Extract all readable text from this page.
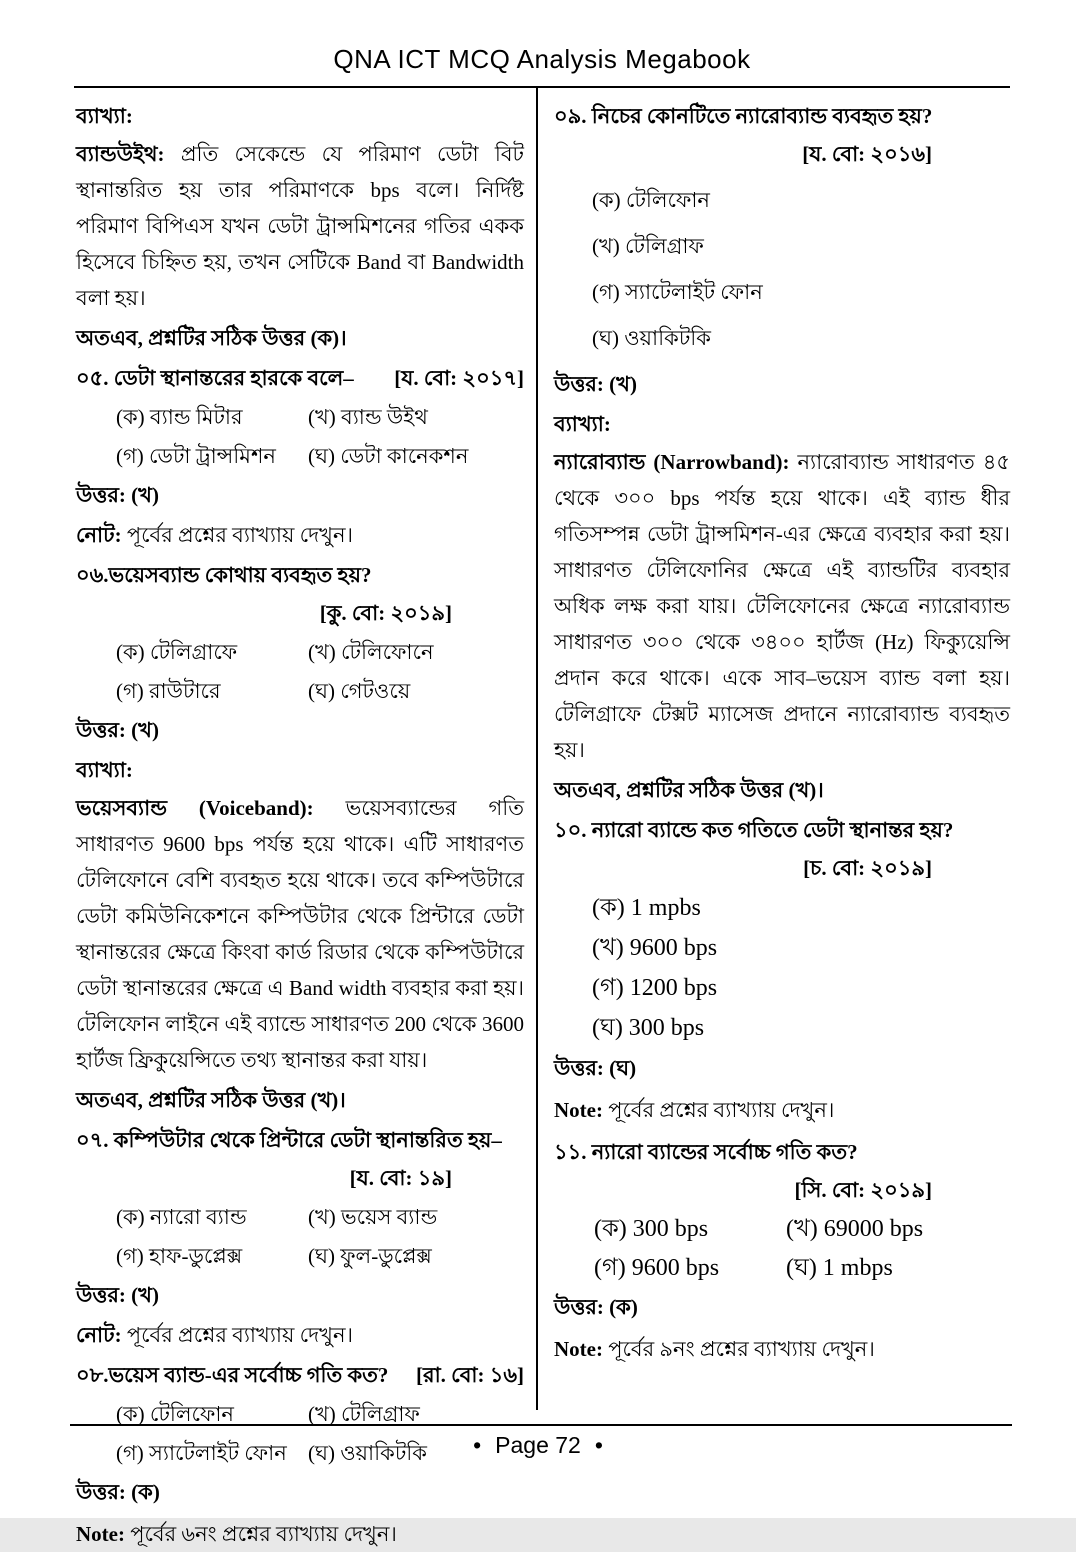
QNA ICT MCQ Analysis Megabook
ব্যাখ্যা:
ব্যান্ডউইথ: প্রতি সেকেন্ডে যে পরিমাণ ডেটা বিট স্থানান্তরিত হয় তার পরিমাণকে bps বলে। নির্দিষ্ট পরিমাণ বিপিএস যখন ডেটা ট্রান্সমিশনের গতির একক হিসেবে চিহ্নিত হয়, তখন সেটিকে Band বা Bandwidth বলা হয়।
অতএব, প্রশ্নটির সঠিক উত্তর (ক)।
০৫. ডেটা স্থানান্তরের হারকে বলে– [য. বো: ২০১৭]
(ক) ব্যান্ড মিটার	(খ) ব্যান্ড উইথ
(গ) ডেটা ট্রান্সমিশন	(ঘ) ডেটা কানেকশন
উত্তর: (খ)
নোট: পূর্বের প্রশ্নের ব্যাখ্যায় দেখুন।
০৬.ভয়েসব্যান্ড কোথায় ব্যবহৃত হয়?
[কু. বো: ২০১৯]
(ক) টেলিগ্রাফে	(খ) টেলিফোনে
(গ) রাউটারে	(ঘ) গেটওয়ে
উত্তর: (খ)
ব্যাখ্যা:
ভয়েসব্যান্ড (Voiceband): ভয়েসব্যান্ডের গতি সাধারণত 9600 bps পর্যন্ত হয়ে থাকে। এটি সাধারণত টেলিফোনে বেশি ব্যবহৃত হয়ে থাকে। তবে কম্পিউটারে ডেটা কমিউনিকেশনে কম্পিউটার থেকে প্রিন্টারে ডেটা স্থানান্তরের ক্ষেত্রে কিংবা কার্ড রিডার থেকে কম্পিউটারে ডেটা স্থানান্তরের ক্ষেত্রে এ Band width ব্যবহার করা হয়। টেলিফোন লাইনে এই ব্যান্ডে সাধারণত 200 থেকে 3600 হার্টজ ফ্রিকুয়েন্সিতে তথ্য স্থানান্তর করা যায়।
অতএব, প্রশ্নটির সঠিক উত্তর (খ)।
০৭. কম্পিউটার থেকে প্রিন্টারে ডেটা স্থানান্তরিত হয়–
[য. বো: ১৯]
(ক) ন্যারো ব্যান্ড	(খ) ভয়েস ব্যান্ড
(গ) হাফ-ডুপ্লেক্স	(ঘ) ফুল-ডুপ্লেক্স
উত্তর: (খ)
নোট: পূর্বের প্রশ্নের ব্যাখ্যায় দেখুন।
০৮.ভয়েস ব্যান্ড-এর সর্বোচ্চ গতি কত? [রা. বো: ১৬]
(ক) টেলিফোন	(খ) টেলিগ্রাফ
(গ) স্যাটেলাইট ফোন	(ঘ) ওয়াকিটকি
উত্তর: (ক)
Note: পূর্বের ৬নং প্রশ্নের ব্যাখ্যায় দেখুন।
০৯. নিচের কোনটিতে ন্যারোব্যান্ড ব্যবহৃত হয়?
[য. বো: ২০১৬]
(ক) টেলিফোন
(খ) টেলিগ্রাফ
(গ) স্যাটেলাইট ফোন
(ঘ) ওয়াকিটকি
উত্তর: (খ)
ব্যাখ্যা:
ন্যারোব্যান্ড (Narrowband): ন্যারোব্যান্ড সাধারণত ৪৫ থেকে ৩০০ bps পর্যন্ত হয়ে থাকে। এই ব্যান্ড ধীর গতিসম্পন্ন ডেটা ট্রান্সমিশন-এর ক্ষেত্রে ব্যবহার করা হয়। সাধারণত টেলিফোনির ক্ষেত্রে এই ব্যান্ডটির ব্যবহার অধিক লক্ষ করা যায়। টেলিফোনের ক্ষেত্রে ন্যারোব্যান্ড সাধারণত ৩০০ থেকে ৩৪০০ হার্টজ (Hz) ফিক্যুয়েন্সি প্রদান করে থাকে। একে সাব–ভয়েস ব্যান্ড বলা হয়। টেলিগ্রাফে টেক্সট ম্যাসেজ প্রদানে ন্যারোব্যান্ড ব্যবহৃত হয়।
অতএব, প্রশ্নটির সঠিক উত্তর (খ)।
১০. ন্যারো ব্যান্ডে কত গতিতে ডেটা স্থানান্তর হয়?
[চ. বো: ২০১৯]
(ক) 1 mpbs
(খ) 9600 bps
(গ) 1200 bps
(ঘ) 300 bps
উত্তর: (ঘ)
Note: পূর্বের প্রশ্নের ব্যাখ্যায় দেখুন।
১১. ন্যারো ব্যান্ডের সর্বোচ্চ গতি কত?
[সি. বো: ২০১৯]
(ক) 300 bps	(খ) 69000 bps
(গ) 9600 bps	(ঘ) 1 mbps
উত্তর: (ক)
Note: পূর্বের ৯নং প্রশ্নের ব্যাখ্যায় দেখুন।
• Page 72 •
